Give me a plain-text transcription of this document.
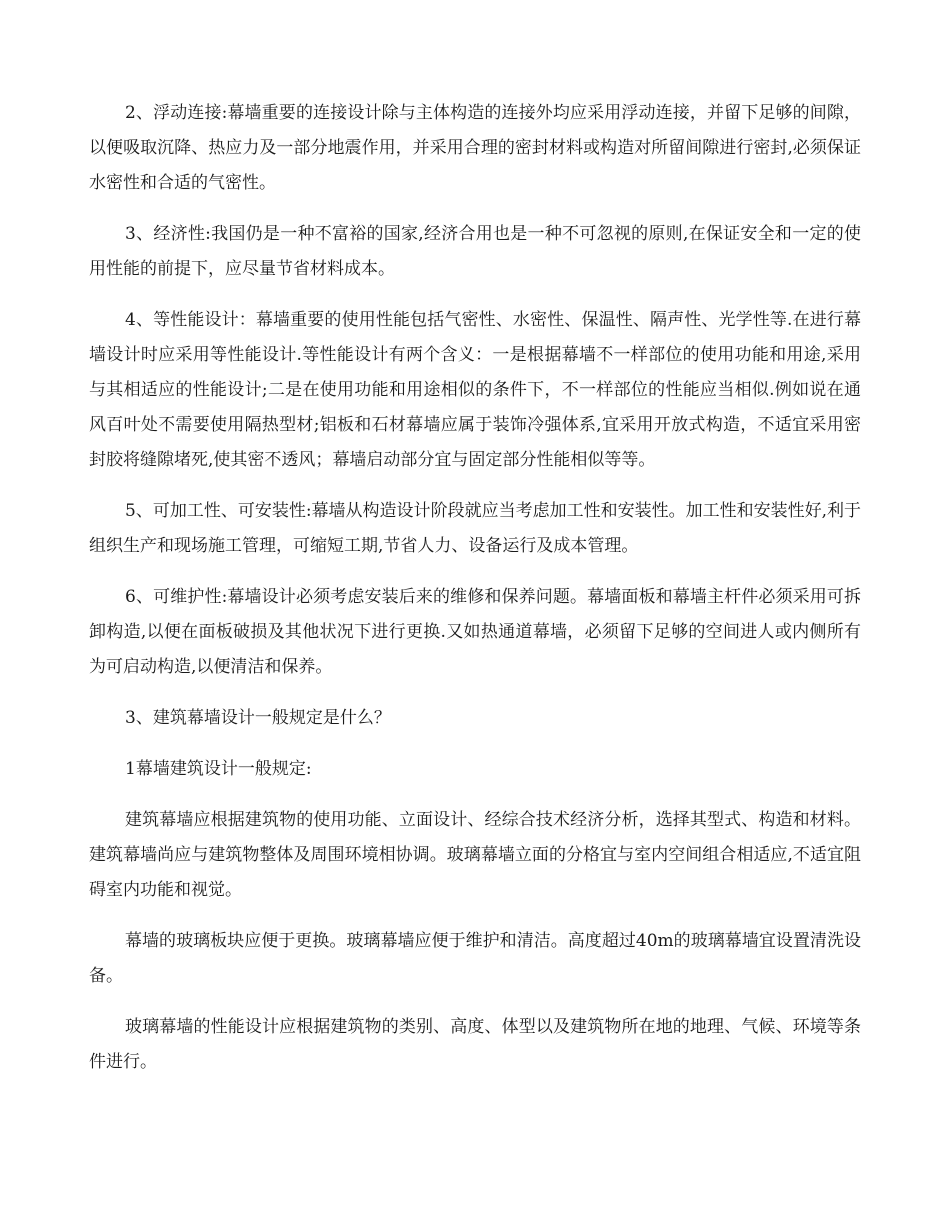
2、浮动连接:幕墙重要的连接设计除与主体构造的连接外均应采用浮动连接，并留下足够的间隙，以便吸取沉降、热应力及一部分地震作用，并采用合理的密封材料或构造对所留间隙进行密封,必须保证水密性和合适的气密性。

3、经济性:我国仍是一种不富裕的国家,经济合用也是一种不可忽视的原则,在保证安全和一定的使用性能的前提下，应尽量节省材料成本。

4、等性能设计：幕墙重要的使用性能包括气密性、水密性、保温性、隔声性、光学性等.在进行幕墙设计时应采用等性能设计.等性能设计有两个含义：一是根据幕墙不一样部位的使用功能和用途,采用与其相适应的性能设计;二是在使用功能和用途相似的条件下，不一样部位的性能应当相似.例如说在通风百叶处不需要使用隔热型材;铝板和石材幕墙应属于装饰冷强体系,宜采用开放式构造，不适宜采用密封胶将缝隙堵死,使其密不透风；幕墙启动部分宜与固定部分性能相似等等。

5、可加工性、可安装性:幕墙从构造设计阶段就应当考虑加工性和安装性。加工性和安装性好,利于组织生产和现场施工管理，可缩短工期,节省人力、设备运行及成本管理。

6、可维护性:幕墙设计必须考虑安装后来的维修和保养问题。幕墙面板和幕墙主杆件必须采用可拆卸构造,以便在面板破损及其他状况下进行更换.又如热通道幕墙，必须留下足够的空间进人或内侧所有为可启动构造,以便清洁和保养。

3、建筑幕墙设计一般规定是什么？

1幕墙建筑设计一般规定:

建筑幕墙应根据建筑物的使用功能、立面设计、经综合技术经济分析，选择其型式、构造和材料。建筑幕墙尚应与建筑物整体及周围环境相协调。玻璃幕墙立面的分格宜与室内空间组合相适应,不适宜阻碍室内功能和视觉。

幕墙的玻璃板块应便于更换。玻璃幕墙应便于维护和清洁。高度超过40m的玻璃幕墙宜设置清洗设备。

玻璃幕墙的性能设计应根据建筑物的类别、高度、体型以及建筑物所在地的地理、气候、环境等条件进行。
